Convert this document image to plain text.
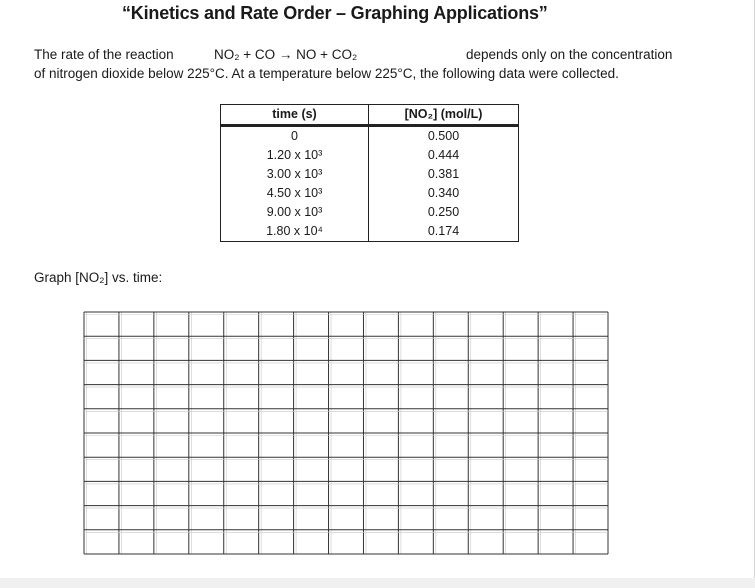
“Kinetics and Rate Order – Graphing Applications”
The rate of the reaction	NO₂ + CO → NO + CO₂	depends only on the concentration
of nitrogen dioxide below 225°C. At a temperature below 225°C, the following data were collected.
time (s)	[NO₂] (mol/L)
0	0.500
1.20 x 10³	0.444
3.00 x 10³	0.381
4.50 x 10³	0.340
9.00 x 10³	0.250
1.80 x 10⁴	0.174
Graph [NO₂] vs. time:
